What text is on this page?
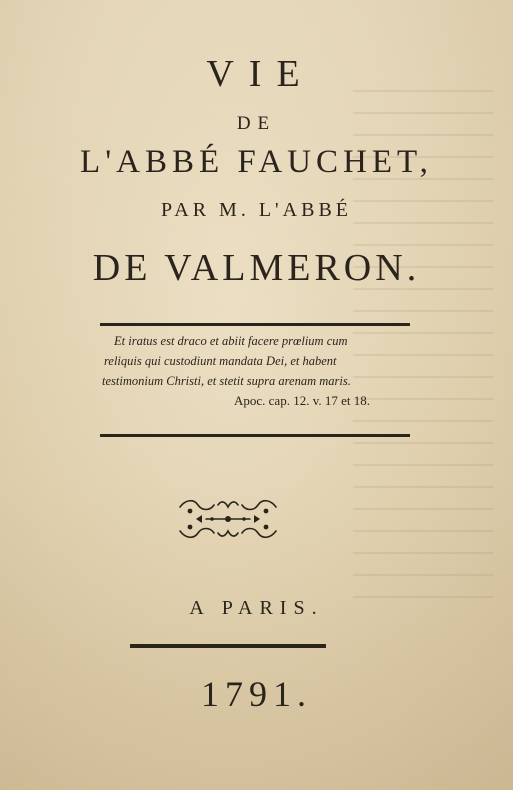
VIE
DE
L'ABBÉ FAUCHET,
PAR M. L'ABBÉ
DE VALMERON.
Et iratus est draco et abiit facere prœlium cum
reliquis qui custodiunt mandata Dei, et habent
testimonium Christi, et stetit supra arenam maris.
Apoc. cap. 12. v. 17 et 18.
A PARIS.
1791.
